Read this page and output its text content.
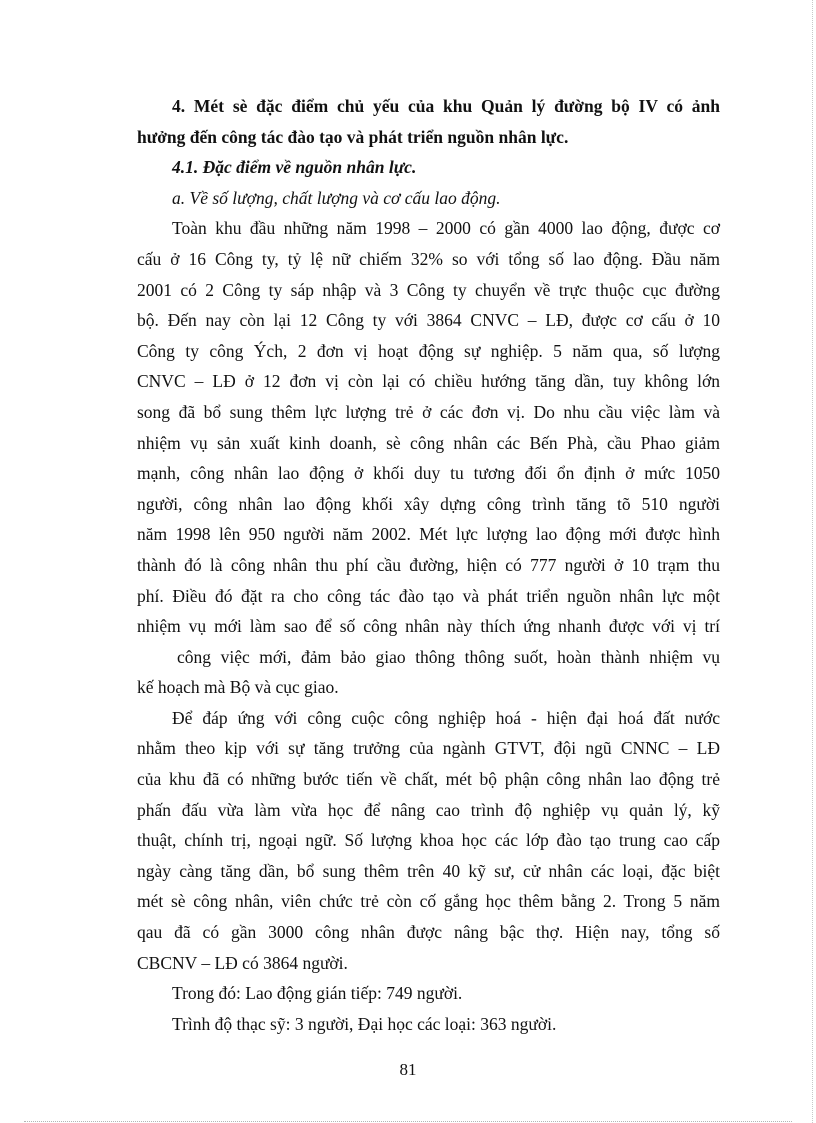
4. Mét sè đặc điểm chủ yếu của khu Quản lý đường bộ IV có ảnh
hưởng đến công tác đào tạo và phát triển nguồn nhân lực.
4.1. Đặc điểm về nguồn nhân lực.
a. Về số lượng, chất lượng và cơ cấu lao động.
Toàn khu đầu những năm 1998 – 2000 có gần 4000 lao động, được cơ
cấu ở 16 Công ty, tỷ lệ nữ chiếm 32% so với tổng số lao động. Đầu năm
2001 có 2 Công ty sáp nhập và 3 Công ty chuyển về trực thuộc cục đường
bộ. Đến nay còn lại 12 Công ty với 3864 CNVC – LĐ, được cơ cấu ở 10
Công ty công Ých, 2 đơn vị hoạt động sự nghiệp. 5 năm qua, số lượng
CNVC – LĐ ở 12 đơn vị còn lại có chiều hướng tăng dần, tuy không lớn
song đã bổ sung thêm lực lượng trẻ ở các đơn vị. Do nhu cầu việc làm và
nhiệm vụ sản xuất kinh doanh, sè công nhân các Bến Phà, cầu Phao giảm
mạnh, công nhân lao động ở khối duy tu tương đối ổn định ở mức 1050
người, công nhân lao động khối xây dựng công trình tăng tõ 510 người
năm 1998 lên 950 người năm 2002. Mét lực lượng lao động mới được hình
thành đó là công nhân thu phí cầu đường, hiện có 777 người ở 10 trạm thu
phí. Điều đó đặt ra cho công tác đào tạo và phát triển nguồn nhân lực một
nhiệm vụ mới làm sao để số công nhân này thích ứng nhanh được với vị trí
công việc mới, đảm bảo giao thông thông suốt, hoàn thành nhiệm vụ
kế hoạch mà Bộ và cục giao.
Để đáp ứng với công cuộc công nghiệp hoá - hiện đại hoá đất nước
nhằm theo kịp với sự tăng trưởng của ngành GTVT, đội ngũ CNNC – LĐ
của khu đã có những bước tiến về chất, mét bộ phận công nhân lao động trẻ
phấn đấu vừa làm vừa học để nâng cao trình độ nghiệp vụ quản lý, kỹ
thuật, chính trị, ngoại ngữ. Số lượng khoa học các lớp đào tạo trung cao cấp
ngày càng tăng dần, bổ sung thêm trên 40 kỹ sư, cử nhân các loại, đặc biệt
mét sè công nhân, viên chức trẻ còn cố gắng học thêm bằng 2. Trong 5 năm
qau đã có gần 3000 công nhân được nâng bậc thợ. Hiện nay, tổng số
CBCNV – LĐ có 3864 người.
Trong đó: Lao động gián tiếp: 749 người.
Trình độ thạc sỹ: 3 người, Đại học các loại: 363 người.
81
